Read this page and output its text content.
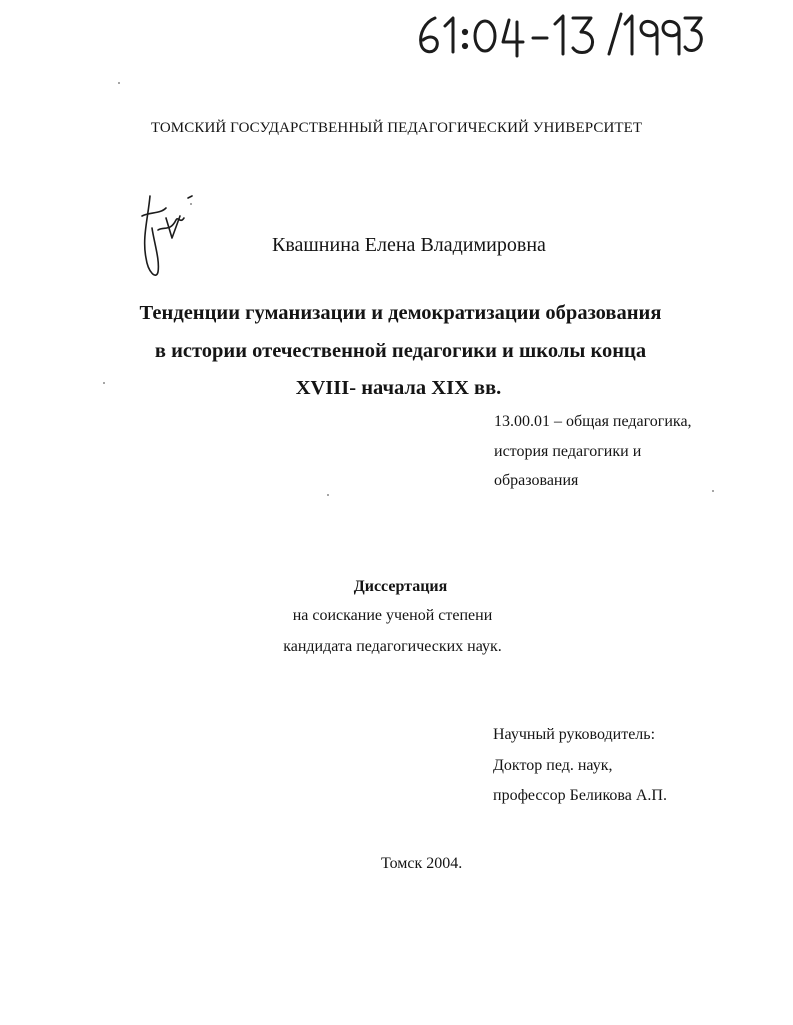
ТОМСКИЙ ГОСУДАРСТВЕННЫЙ ПЕДАГОГИЧЕСКИЙ УНИВЕРСИТЕТ
Квашнина Елена Владимировна
Тенденции гуманизации и демократизации образования
в истории отечественной педагогики и школы конца
XVIII- начала XIX вв.
13.00.01 – общая педагогика,
история педагогики и
образования
Диссертация
на соискание ученой степени
кандидата педагогических наук.
Научный руководитель:
Доктор пед. наук,
профессор Беликова А.П.
Томск 2004.
